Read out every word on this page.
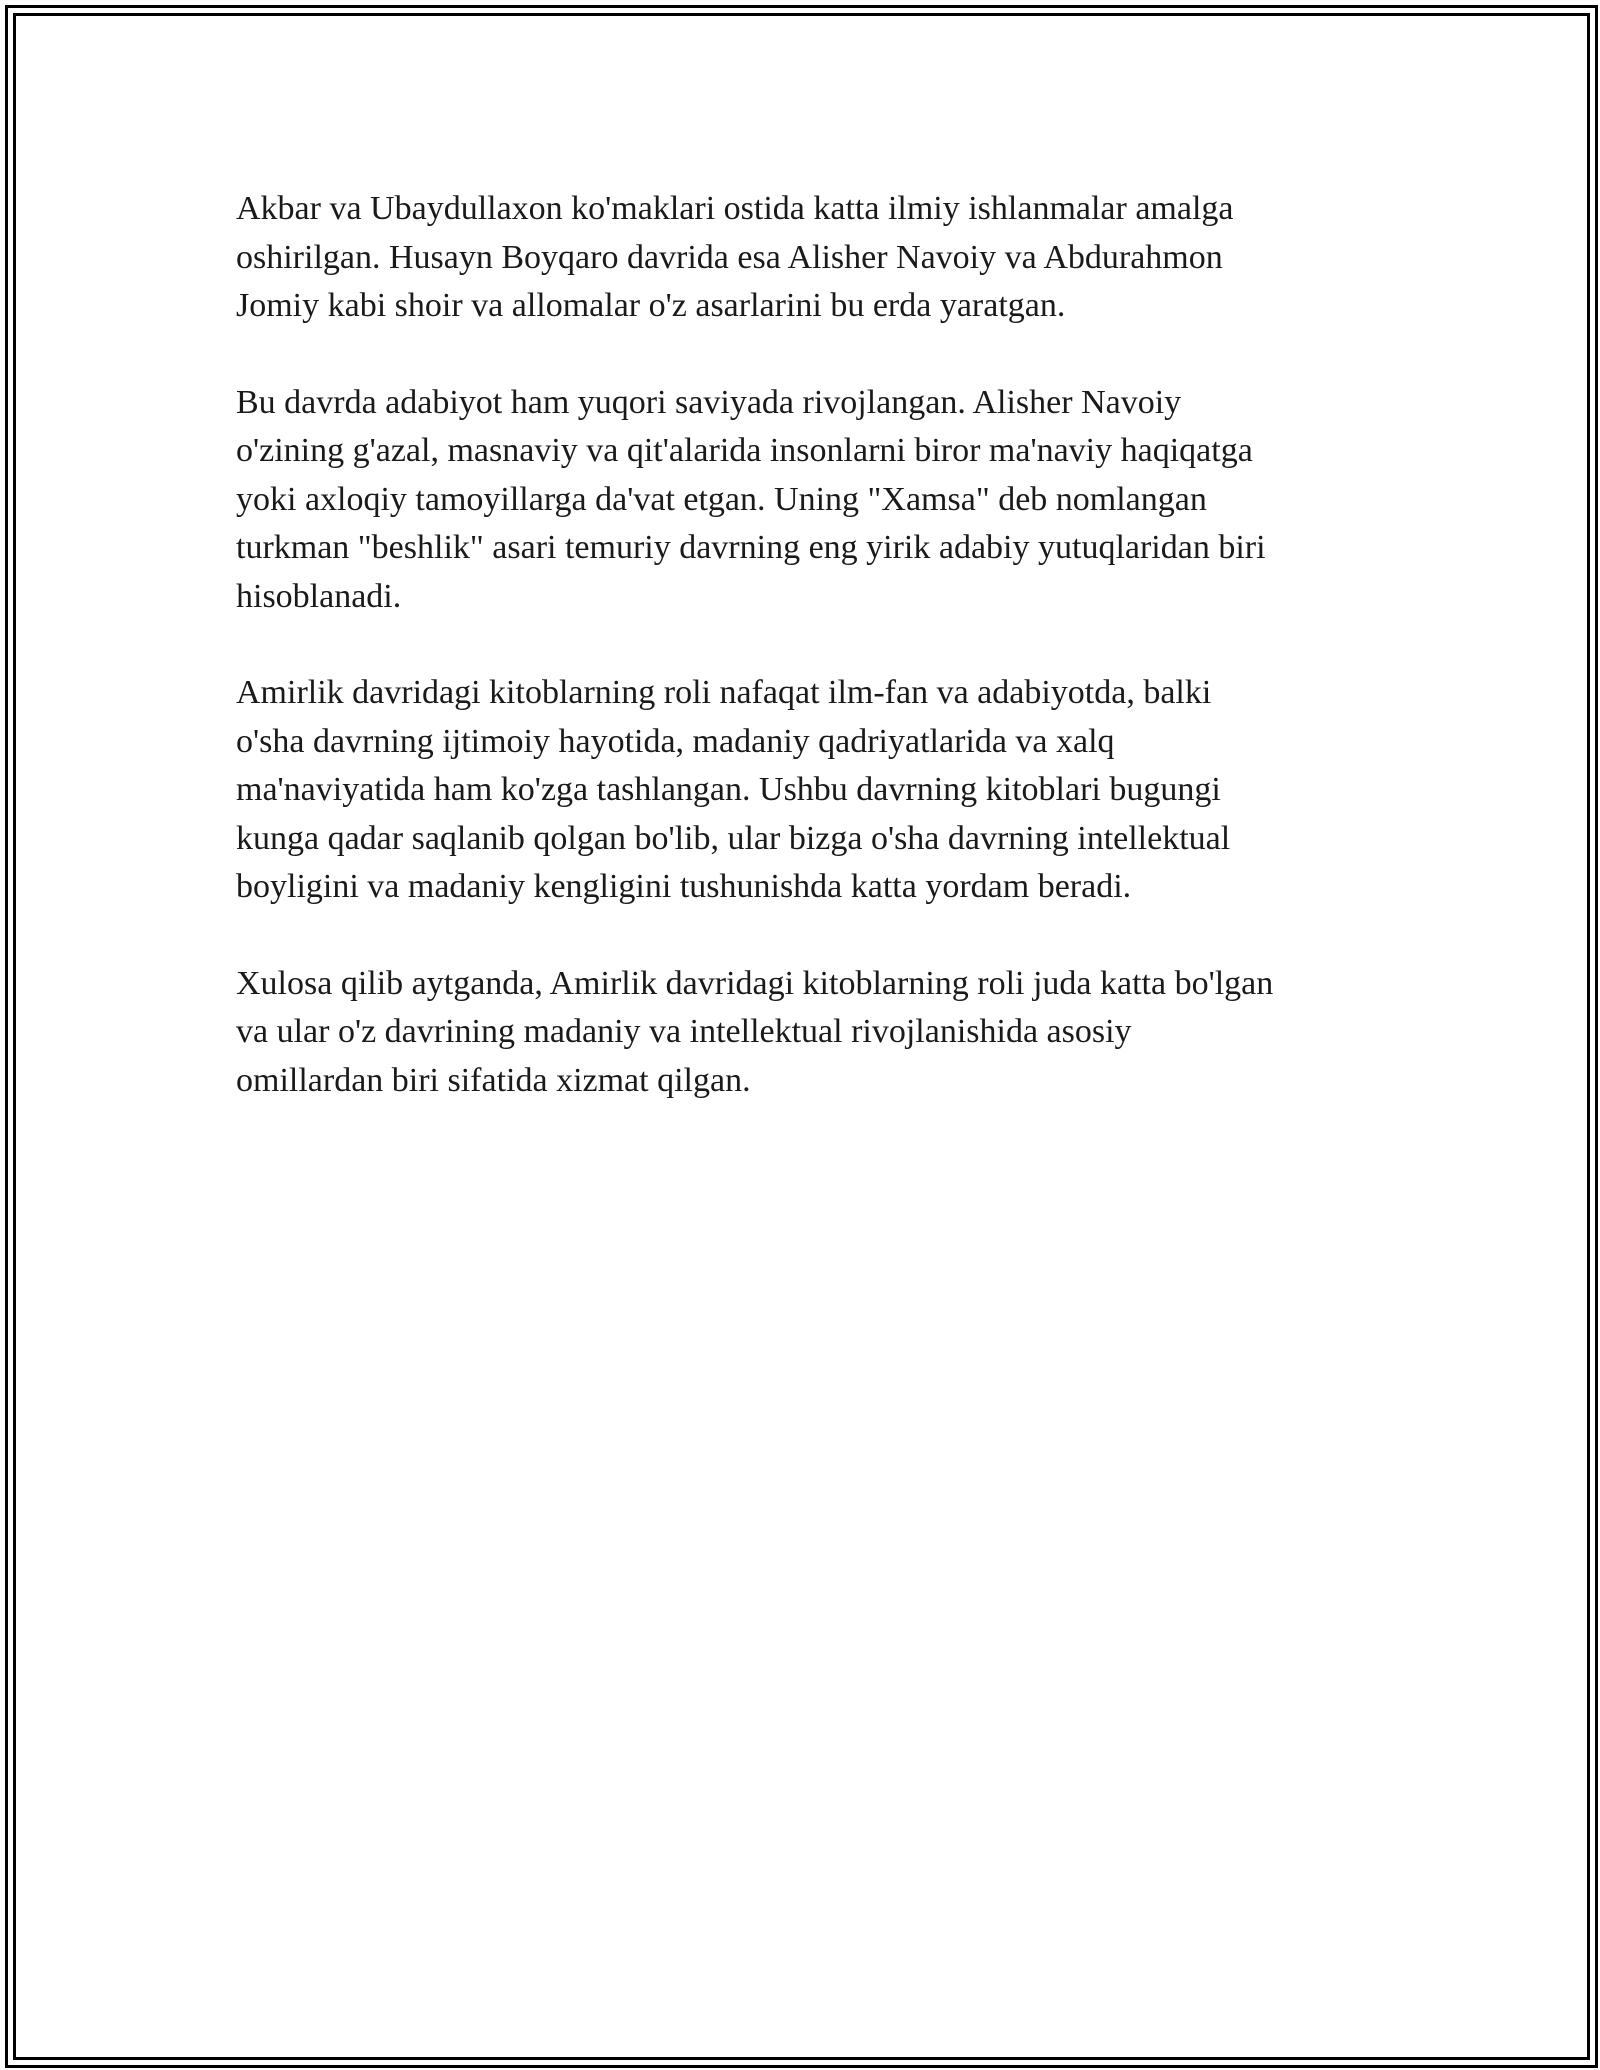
Akbar va Ubaydullaxon ko'maklari ostida katta ilmiy ishlanmalar amalga
oshirilgan. Husayn Boyqaro davrida esa Alisher Navoiy va Abdurahmon
Jomiy kabi shoir va allomalar o'z asarlarini bu erda yaratgan.

Bu davrda adabiyot ham yuqori saviyada rivojlangan. Alisher Navoiy
o'zining g'azal, masnaviy va qit'alarida insonlarni biror ma'naviy haqiqatga
yoki axloqiy tamoyillarga da'vat etgan. Uning "Xamsa" deb nomlangan
turkman "beshlik" asari temuriy davrning eng yirik adabiy yutuqlaridan biri
hisoblanadi.

Amirlik davridagi kitoblarning roli nafaqat ilm-fan va adabiyotda, balki
o'sha davrning ijtimoiy hayotida, madaniy qadriyatlarida va xalq
ma'naviyatida ham ko'zga tashlangan. Ushbu davrning kitoblari bugungi
kunga qadar saqlanib qolgan bo'lib, ular bizga o'sha davrning intellektual
boyligini va madaniy kengligini tushunishda katta yordam beradi.

Xulosa qilib aytganda, Amirlik davridagi kitoblarning roli juda katta bo'lgan
va ular o'z davrining madaniy va intellektual rivojlanishida asosiy
omillardan biri sifatida xizmat qilgan.
